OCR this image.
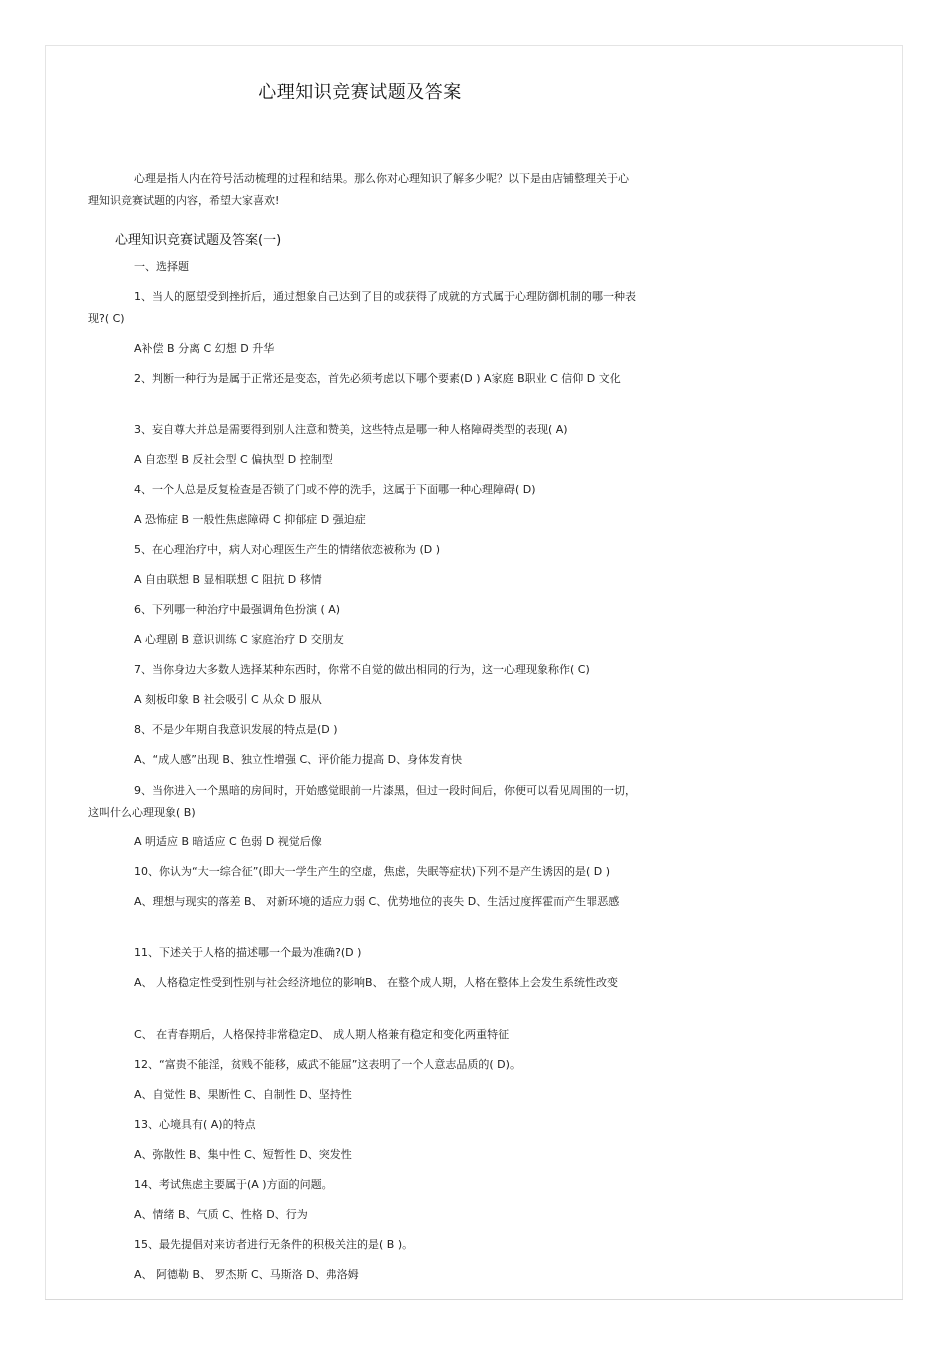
心理知识竞赛试题及答案
心理是指人内在符号活动梳理的过程和结果。那么你对心理知识了解多少呢？以下是由店铺整理关于心理知识竞赛试题的内容，希望大家喜欢!
心理知识竞赛试题及答案(一)
一、选择题
1、当人的愿望受到挫折后，通过想象自己达到了目的或获得了成就的方式属于心理防御机制的哪一种表现?( C)
A补偿 B 分离 C 幻想 D 升华
2、判断一种行为是属于正常还是变态，首先必须考虑以下哪个要素(D ) A家庭 B职业 C 信仰 D 文化
3、妄自尊大并总是需要得到别人注意和赞美，这些特点是哪一种人格障碍类型的表现( A)
A 自恋型 B 反社会型 C 偏执型 D 控制型
4、一个人总是反复检查是否锁了门或不停的洗手，这属于下面哪一种心理障碍( D)
A 恐怖症 B 一般性焦虑障碍 C 抑郁症 D 强迫症
5、在心理治疗中，病人对心理医生产生的情绪依恋被称为 (D )
A 自由联想 B 显相联想 C 阻抗 D 移情
6、下列哪一种治疗中最强调角色扮演 ( A)
A 心理剧 B 意识训练 C 家庭治疗 D 交朋友
7、当你身边大多数人选择某种东西时，你常不自觉的做出相同的行为，这一心理现象称作( C)
A 刻板印象 B 社会吸引 C 从众 D 服从
8、不是少年期自我意识发展的特点是(D )
A、“成人感”出现 B、独立性增强 C、评价能力提高 D、身体发育快
9、当你进入一个黑暗的房间时，开始感觉眼前一片漆黑，但过一段时间后，你便可以看见周围的一切，这叫什么心理现象( B)
A 明适应 B 暗适应 C 色弱 D 视觉后像
10、你认为“大一综合征”(即大一学生产生的空虚，焦虑，失眠等症状)下列不是产生诱因的是( D )
A、理想与现实的落差 B、 对新环境的适应力弱 C、优势地位的丧失 D、生活过度挥霍而产生罪恶感
11、下述关于人格的描述哪一个最为准确?(D )
A、 人格稳定性受到性别与社会经济地位的影响B、 在整个成人期，人格在整体上会发生系统性改变
C、 在青春期后，人格保持非常稳定D、 成人期人格兼有稳定和变化两重特征
12、“富贵不能淫，贫贱不能移，威武不能屈”这表明了一个人意志品质的( D)。
A、自觉性 B、果断性 C、自制性 D、坚持性
13、心境具有( A)的特点
A、弥散性 B、集中性 C、短暂性 D、突发性
14、考试焦虑主要属于(A )方面的问题。
A、情绪 B、气质 C、性格 D、行为
15、最先提倡对来访者进行无条件的积极关注的是( B )。
A、 阿德勒 B、 罗杰斯 C、马斯洛 D、弗洛姆
